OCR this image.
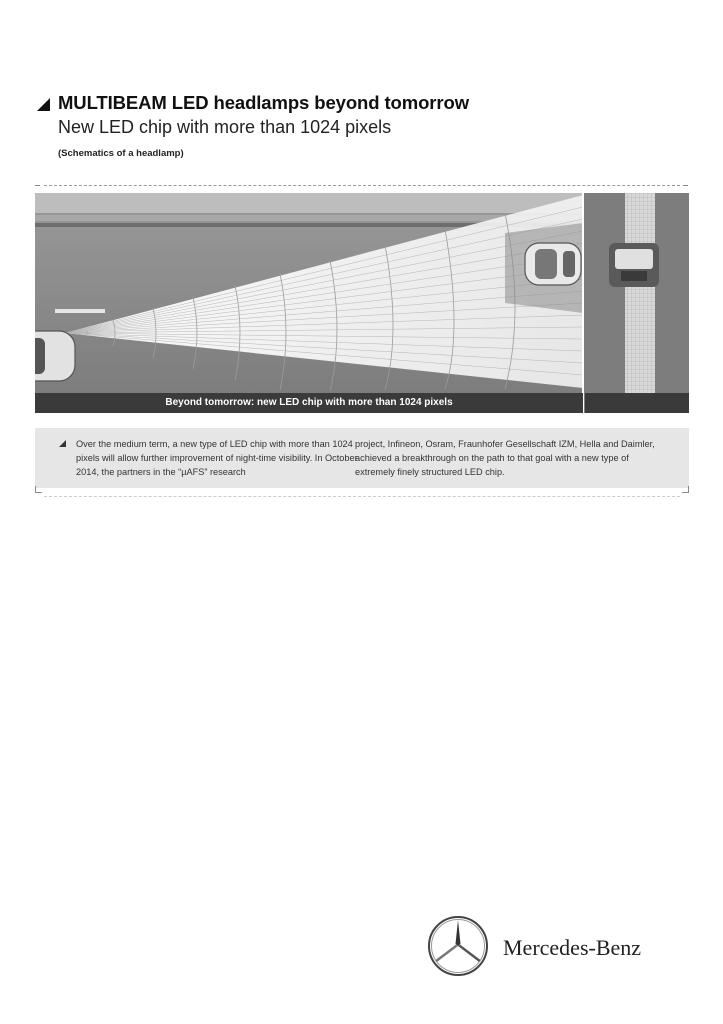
MULTIBEAM LED headlamps beyond tomorrow
New LED chip with more than 1024 pixels
(Schematics of a headlamp)
Beyond tomorrow: new LED chip with more than 1024 pixels
Over the medium term, a new type of LED chip with more than 1024 pixels will allow further improvement of night-time visibility. In October 2014, the partners in the “µAFS” research
project, Infineon, Osram, Fraunhofer Gesellschaft IZM, Hella and Daimler, achieved a breakthrough on the path to that goal with a new type of extremely finely structured LED chip.
Mercedes-Benz
